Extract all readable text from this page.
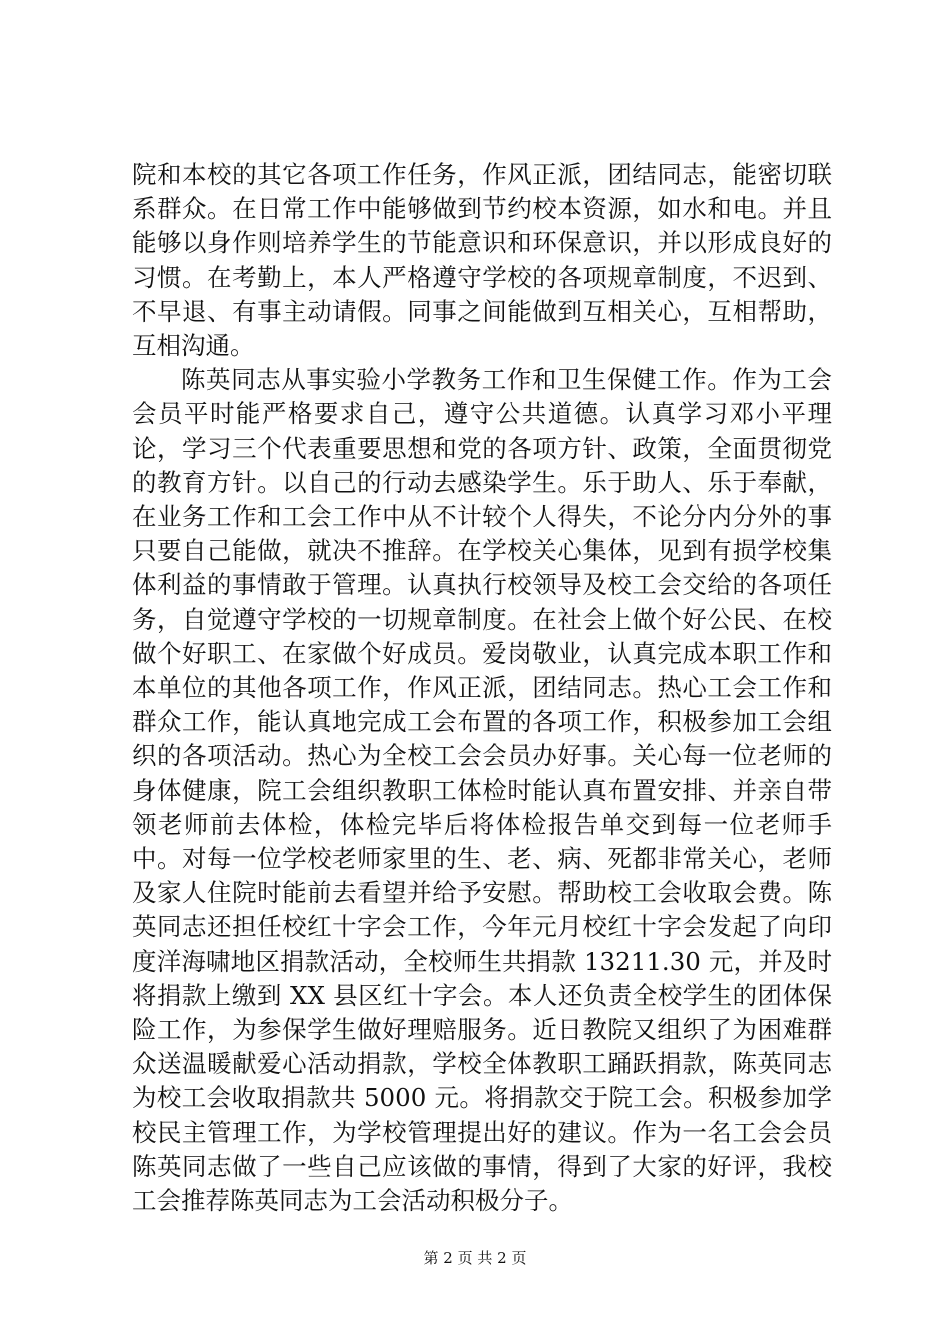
院和本校的其它各项工作任务，作风正派，团结同志，能密切联系群众。在日常工作中能够做到节约校本资源，如水和电。并且能够以身作则培养学生的节能意识和环保意识，并以形成良好的习惯。在考勤上，本人严格遵守学校的各项规章制度，不迟到、不早退、有事主动请假。同事之间能做到互相关心，互相帮助，互相沟通。

陈英同志从事实验小学教务工作和卫生保健工作。作为工会会员平时能严格要求自己，遵守公共道德。认真学习邓小平理论，学习三个代表重要思想和党的各项方针、政策，全面贯彻党的教育方针。以自己的行动去感染学生。乐于助人、乐于奉献，在业务工作和工会工作中从不计较个人得失，不论分内分外的事只要自己能做，就决不推辞。在学校关心集体，见到有损学校集体利益的事情敢于管理。认真执行校领导及校工会交给的各项任务，自觉遵守学校的一切规章制度。在社会上做个好公民、在校做个好职工、在家做个好成员。爱岗敬业，认真完成本职工作和本单位的其他各项工作，作风正派，团结同志。热心工会工作和群众工作，能认真地完成工会布置的各项工作，积极参加工会组织的各项活动。热心为全校工会会员办好事。关心每一位老师的身体健康，院工会组织教职工体检时能认真布置安排、并亲自带领老师前去体检，体检完毕后将体检报告单交到每一位老师手中。对每一位学校老师家里的生、老、病、死都非常关心，老师及家人住院时能前去看望并给予安慰。帮助校工会收取会费。陈英同志还担任校红十字会工作，今年元月校红十字会发起了向印度洋海啸地区捐款活动，全校师生共捐款 13211.30 元，并及时将捐款上缴到 XX 县区红十字会。本人还负责全校学生的团体保险工作，为参保学生做好理赔服务。近日教院又组织了为困难群众送温暖献爱心活动捐款，学校全体教职工踊跃捐款，陈英同志为校工会收取捐款共 5000 元。将捐款交于院工会。积极参加学校民主管理工作，为学校管理提出好的建议。作为一名工会会员陈英同志做了一些自己应该做的事情，得到了大家的好评，我校工会推荐陈英同志为工会活动积极分子。

第 2 页 共 2 页
